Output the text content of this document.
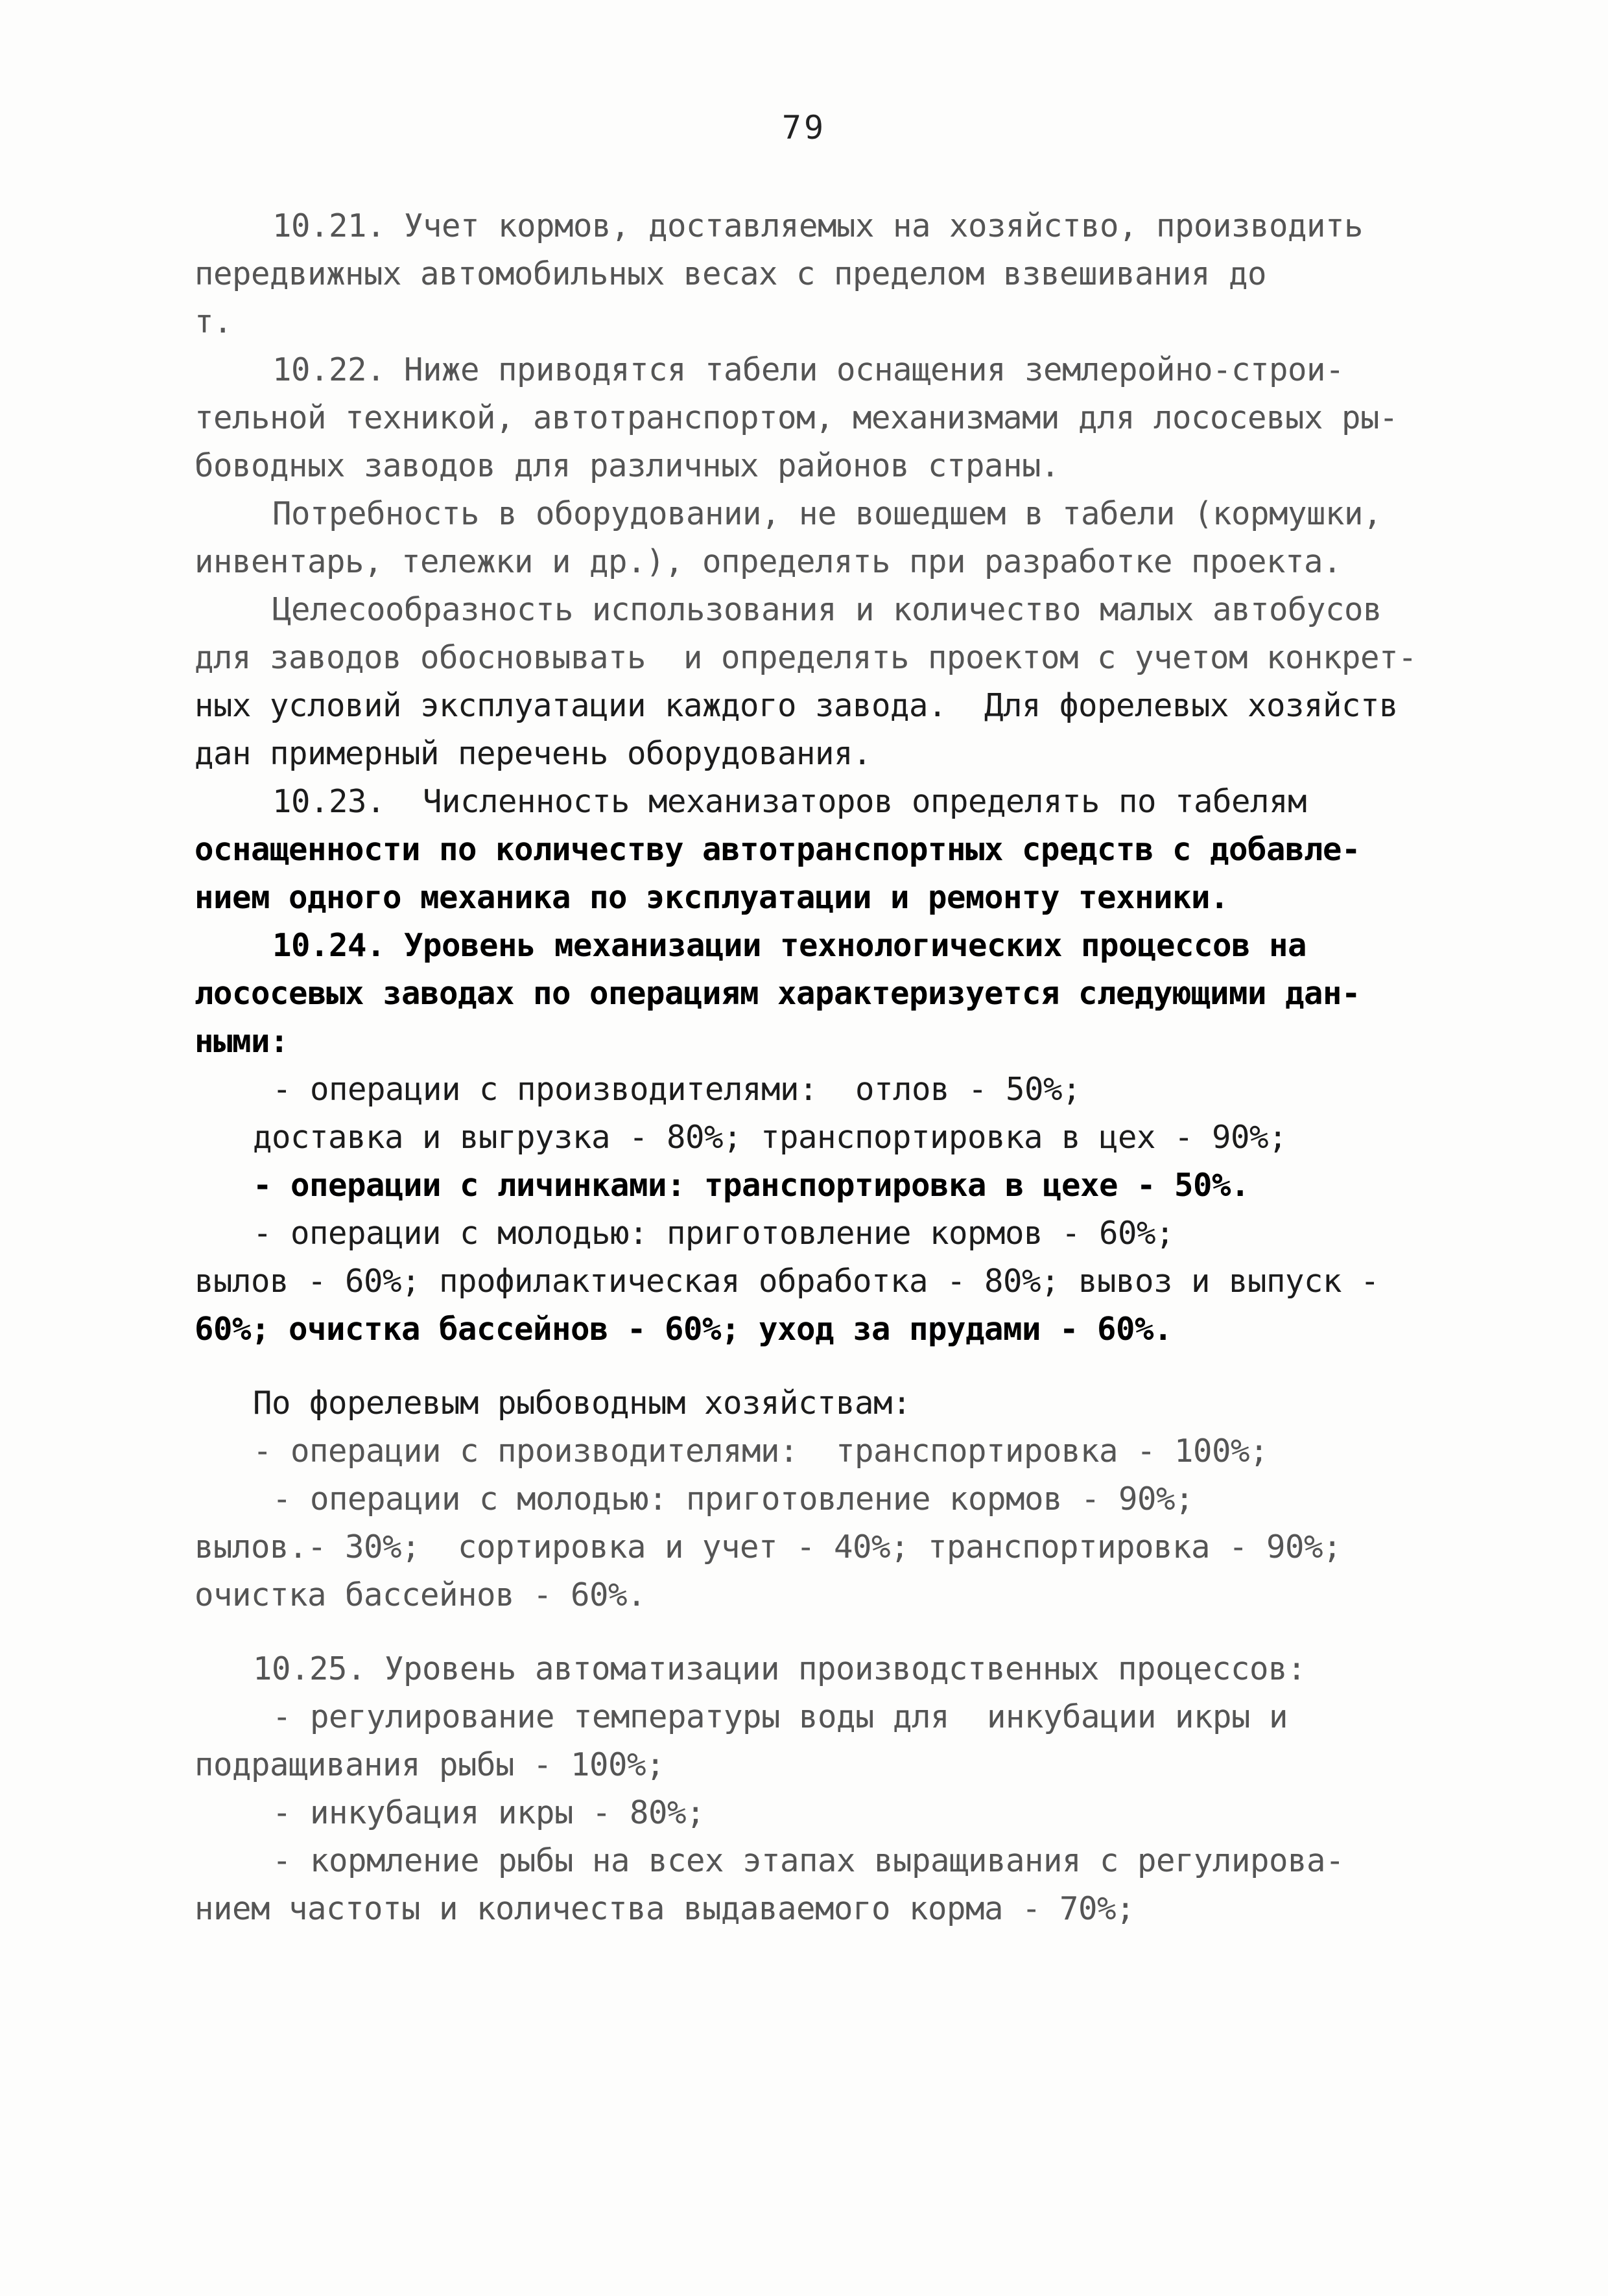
79
10.21. Учет кормов, доставляемых на хозяйство, производить
передвижных автомобильных весах с пределом взвешивания до
т.
10.22. Ниже приводятся табели оснащения землеройно-строи-
тельной техникой, автотранспортом, механизмами для лососевых ры-
боводных заводов для различных районов страны.
Потребность в оборудовании, не вошедшем в табели (кормушки,
инвентарь, тележки и др.), определять при разработке проекта.
Целесообразность использования и количество малых автобусов
для заводов обосновывать  и определять проектом с учетом конкрет-
ных условий эксплуатации каждого завода.  Для форелевых хозяйств
дан примерный перечень оборудования.
10.23.  Численность механизаторов определять по табелям
оснащенности по количеству автотранспортных средств с добавле-
нием одного механика по эксплуатации и ремонту техники.
10.24. Уровень механизации технологических процессов на
лососевых заводах по операциям характеризуется следующими дан-
ными:
- операции с производителями:  отлов - 50%;
доставка и выгрузка - 80%; транспортировка в цех - 90%;
- операции с личинками: транспортировка в цехе - 50%.
- операции с молодью: приготовление кормов - 60%;
вылов - 60%; профилактическая обработка - 80%; вывоз и выпуск -
60%; очистка бассейнов - 60%; уход за прудами - 60%.
По форелевым рыбоводным хозяйствам:
- операции с производителями:  транспортировка - 100%;
- операции с молодью: приготовление кормов - 90%;
вылов.- 30%;  сортировка и учет - 40%; транспортировка - 90%;
очистка бассейнов - 60%.
10.25. Уровень автоматизации производственных процессов:
- регулирование температуры воды для  инкубации икры и
подращивания рыбы - 100%;
- инкубация икры - 80%;
- кормление рыбы на всех этапах выращивания с регулирова-
нием частоты и количества выдаваемого корма - 70%;
